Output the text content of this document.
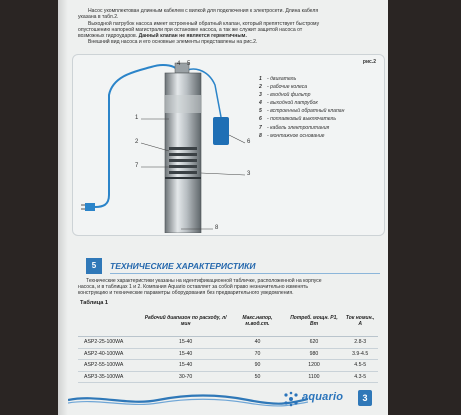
Насос укомплектован длинным кабелем с вилкой для подключения к электросети. Длина кабеля

указана в табл.2.

Выходной патрубок насоса имеет встроенный обратный клапан, который препятствует быстрому

опустошению напорной магистрали при остановке насоса, а так же служит защитой насоса от

возможных гидроударов. Данный клапан не является герметичным.

Внешний вид насоса и его основные элементы представлены на рис.2.

рис.2
4 5
1
2
7
3
6
8
1 - двигатель
2 - рабочие колеса
3 - входной фильтр
4 - выходной патрубок
5 - встроенный обратный клапан
6 - поплавковый выключатель
7 - кабель электропитания
8 - монтажное основание
5	ТЕХНИЧЕСКИЕ ХАРАКТЕРИСТИКИ

Технические характеристики указаны на идентификационной табличке, расположенной на корпусе

насоса, и в таблицах 1 и 2. Компания Aquario оставляет за собой право незначительно изменять

конструкцию и технические параметры оборудования без предварительного уведомления.

Таблица 1
	Рабочий диапазон по расходу, л/мин	Макс.напор, м.вод.ст.	Потреб. мощн. Р1, Вт	Ток номин., А
ASP2-25-100WA	15-40	40	620	2.8-3
ASP2-40-100WA	15-40	70	980	3.9-4.5
ASP2-55-100WA	15-40	90	1200	4.5-5
ASP3-35-100WA	30-70	50	1100	4.3-5
aquario	3
